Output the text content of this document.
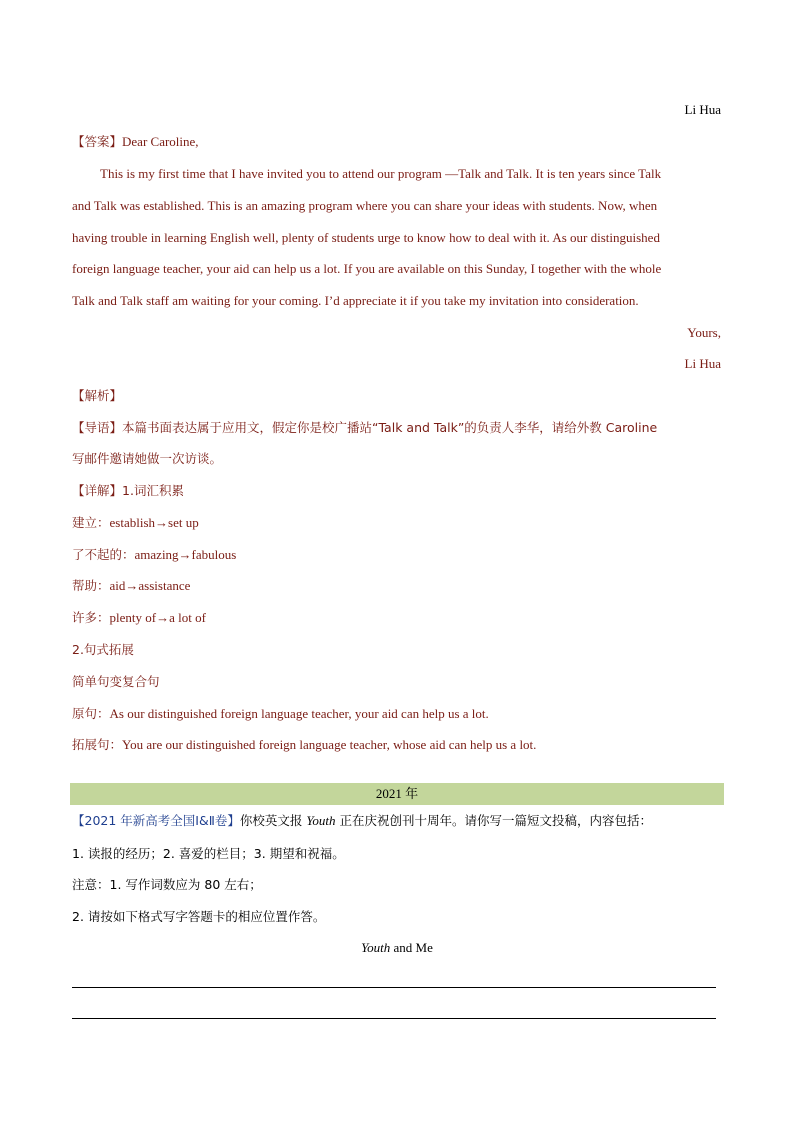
Li Hua
【答案】Dear Caroline,
This is my first time that I have invited you to attend our program —Talk and Talk. It is ten years since Talk
and Talk was established. This is an amazing program where you can share your ideas with students. Now, when
having trouble in learning English well, plenty of students urge to know how to deal with it. As our distinguished
foreign language teacher, your aid can help us a lot. If you are available on this Sunday, I together with the whole
Talk and Talk staff am waiting for your coming. I’d appreciate it if you take my invitation into consideration.
Yours,
Li Hua
【解析】
【导语】本篇书面表达属于应用文，假定你是校广播站“Talk and Talk”的负责人李华，请给外教 Caroline
写邮件邀请她做一次访谈。
【详解】1.词汇积累
建立：establish→set up
了不起的：amazing→fabulous
帮助：aid→assistance
许多：plenty of→a lot of
2.句式拓展
简单句变复合句
原句：As our distinguished foreign language teacher, your aid can help us a lot.
拓展句：You are our distinguished foreign language teacher, whose aid can help us a lot.
2021 年
【2021 年新高考全国Ⅰ&Ⅱ卷】你校英文报 Youth 正在庆祝创刊十周年。请你写一篇短文投稿，内容包括：
1. 读报的经历；2. 喜爱的栏目；3. 期望和祝福。
注意：1. 写作词数应为 80 左右；
2. 请按如下格式写字答题卡的相应位置作答。
Youth and Me
